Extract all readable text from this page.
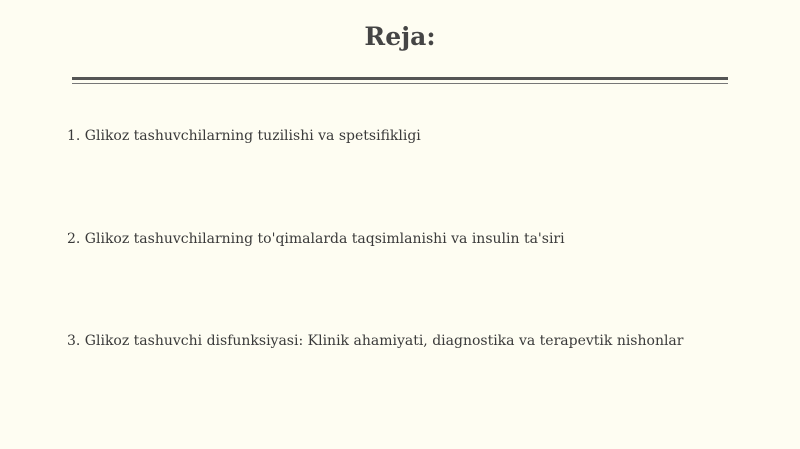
Reja:
1. Glikoz tashuvchilarning tuzilishi va spetsifikligi
2. Glikoz tashuvchilarning to'qimalarda taqsimlanishi va insulin ta'siri
3. Glikoz tashuvchi disfunksiyasi: Klinik ahamiyati, diagnostika va terapevtik nishonlar
